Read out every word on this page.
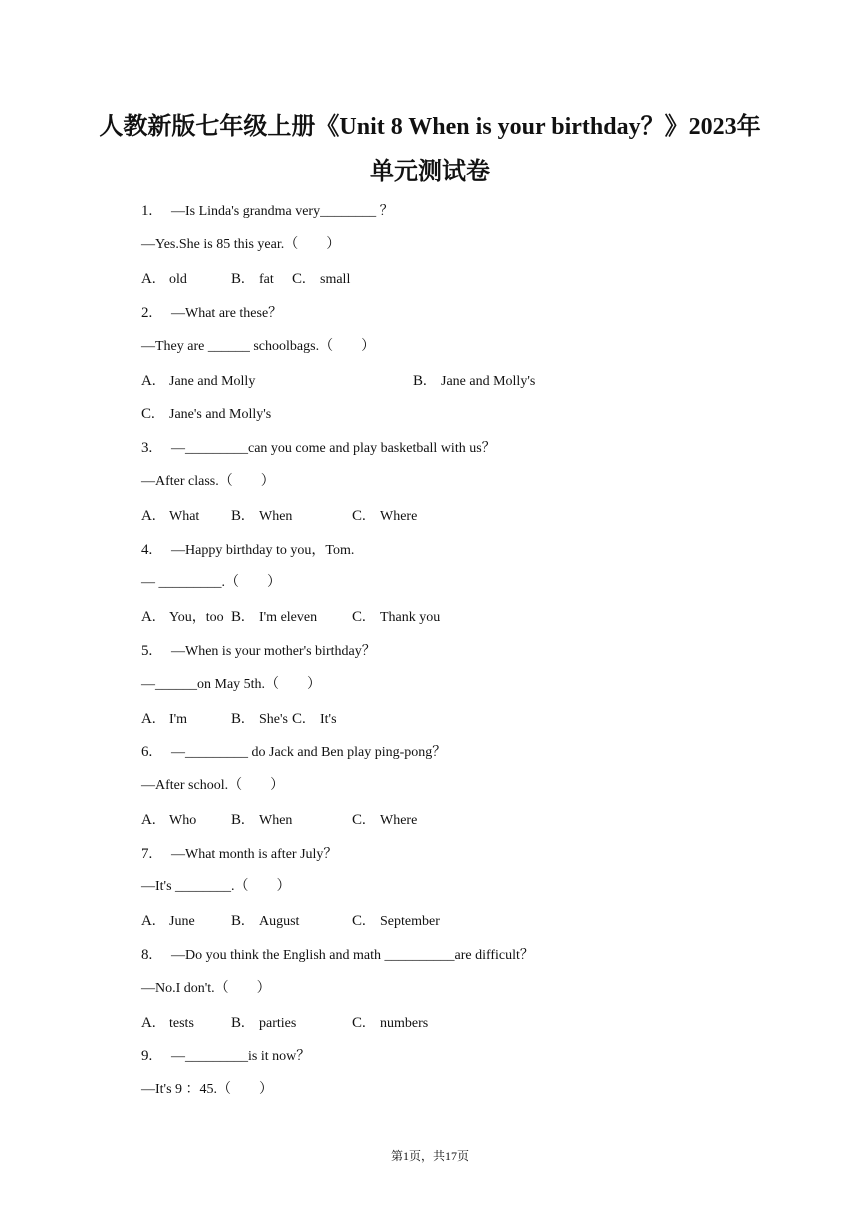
人教新版七年级上册《Unit 8 When is your birthday？》2023年
单元测试卷
1. —Is Linda's grandma very________ ？
—Yes.She is 85 this year.（　　）
A. old	B. fat C. small
2. —What are these？
—They are ______ schoolbags.（　　）
A. Jane and Molly	B. Jane and Molly's
C. Jane's and Molly's
3. —_________can you come and play basketball with us？
—After class.（　　）
A. What B. When	C. Where
4. —Happy birthday to you，Tom.
— _________.（　　）
A. You，too B. I'm eleven C. Thank you
5. —When is your mother's birthday？
—______on May 5th.（　　）
A. I'm	B. She's C. It's
6. —_________ do Jack and Ben play ping-pong？
—After school.（　　）
A. Who B. When	C. Where
7. —What month is after July？
—It's ________.（　　）
A. June B. August	C. September
8. —Do you think the English and math __________are difficult？
—No.I don't.（　　）
A. tests B. parties	C. numbers
9. —_________is it now？
—It's 9 ：45.（　　）
第1页，共17页
